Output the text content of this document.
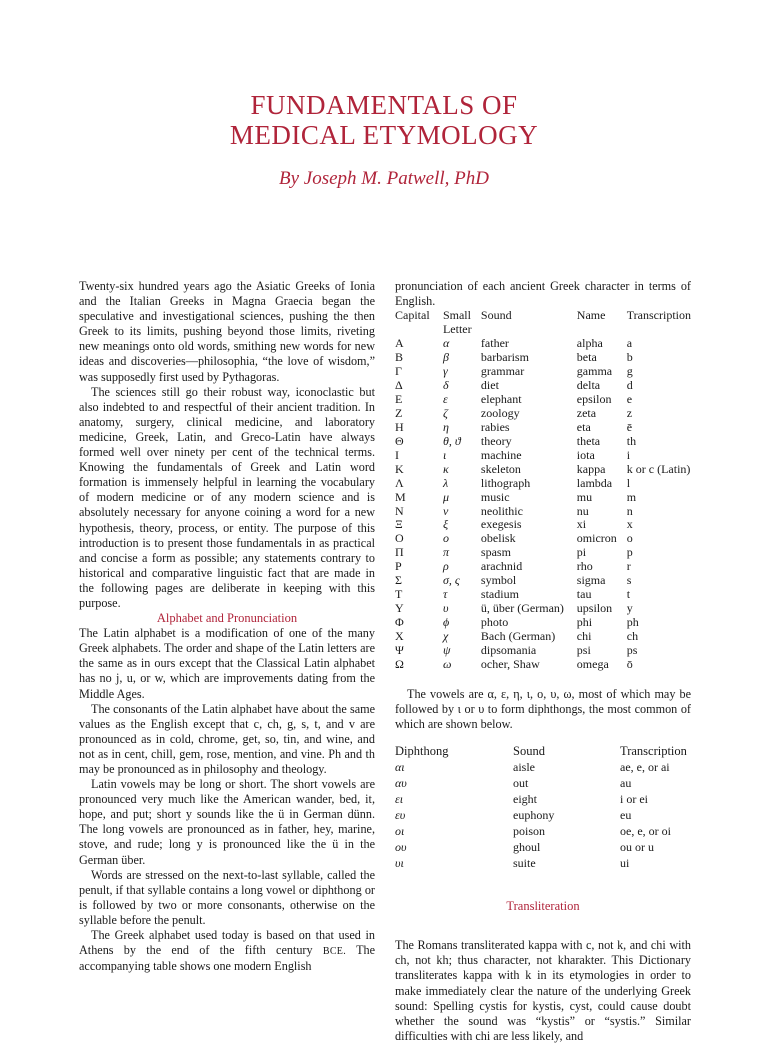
FUNDAMENTALS OF
MEDICAL ETYMOLOGY
By Joseph M. Patwell, PhD

Twenty-six hundred years ago the Asiatic Greeks of Ionia and the Italian Greeks in Magna Graecia began the speculative and investigational sciences, pushing the then Greek to its limits, pushing beyond those limits, riveting new meanings onto old words, smithing new words for new ideas and discoveries—philosophia, “the love of wisdom,” was supposedly first used by Pythagoras.

The sciences still go their robust way, iconoclastic but also indebted to and respectful of their ancient tradition. In anatomy, surgery, clinical medicine, and laboratory medicine, Greek, Latin, and Greco-Latin have always formed well over ninety per cent of the technical terms. Knowing the fundamentals of Greek and Latin word formation is immensely helpful in learning the vocabulary of modern medicine or of any modern science and is absolutely necessary for anyone coining a word for a new hypothesis, theory, process, or entity. The purpose of this introduction is to present those fundamentals in as practical and concise a form as possible; any statements contrary to historical and comparative linguistic fact that are made in the following pages are deliberate in keeping with this purpose.

Alphabet and Pronunciation

The Latin alphabet is a modification of one of the many Greek alphabets. The order and shape of the Latin letters are the same as in ours except that the Classical Latin alphabet has no j, u, or w, which are improvements dating from the Middle Ages.

The consonants of the Latin alphabet have about the same values as the English except that c, ch, g, s, t, and v are pronounced as in cold, chrome, get, so, tin, and wine, and not as in cent, chill, gem, rose, mention, and vine. Ph and th may be pronounced as in philosophy and theology.

Latin vowels may be long or short. The short vowels are pronounced very much like the American wander, bed, it, hope, and put; short y sounds like the ü in German dünn. The long vowels are pronounced as in father, hey, marine, stove, and rude; long y is pronounced like the ü in the German über.

Words are stressed on the next-to-last syllable, called the penult, if that syllable contains a long vowel or diphthong or is followed by two or more consonants, otherwise on the syllable before the penult.

The Greek alphabet used today is based on that used in Athens by the end of the fifth century BCE. The accompanying table shows one modern English

pronunciation of each ancient Greek character in terms of English.

Capital	Small Letter	Sound	Name	Transcription
Α	α	father	alpha	a
Β	β	barbarism	beta	b
Γ	γ	grammar	gamma	g
Δ	δ	diet	delta	d
Ε	ε	elephant	epsilon	e
Ζ	ζ	zoology	zeta	z
Η	η	rabies	eta	ē
Θ	θ, ϑ	theory	theta	th
Ι	ι	machine	iota	i
Κ	κ	skeleton	kappa	k or c (Latin)
Λ	λ	lithograph	lambda	l
Μ	μ	music	mu	m
Ν	ν	neolithic	nu	n
Ξ	ξ	exegesis	xi	x
Ο	ο	obelisk	omicron	o
Π	π	spasm	pi	p
Ρ	ρ	arachnid	rho	r
Σ	σ, ς	symbol	sigma	s
Τ	τ	stadium	tau	t
Υ	υ	ü, über (German)	upsilon	y
Φ	ϕ	photo	phi	ph
Χ	χ	Bach (German)	chi	ch
Ψ	ψ	dipsomania	psi	ps
Ω	ω	ocher, Shaw	omega	ō

The vowels are α, ε, η, ι, ο, υ, ω, most of which may be followed by ι or υ to form diphthongs, the most common of which are shown below.

Diphthong	Sound	Transcription
αι	aisle	ae, e, or ai
αυ	out	au
ει	eight	i or ei
ευ	euphony	eu
οι	poison	oe, e, or oi
ου	ghoul	ou or u
υι	suite	ui

Transliteration

The Romans transliterated kappa with c, not k, and chi with ch, not kh; thus character, not kharakter. This Dictionary transliterates kappa with k in its etymologies in order to make immediately clear the nature of the underlying Greek sound: Spelling cystis for kystis, cyst, could cause doubt whether the sound was “kystis” or “systis.” Similar difficulties with chi are less likely, and
